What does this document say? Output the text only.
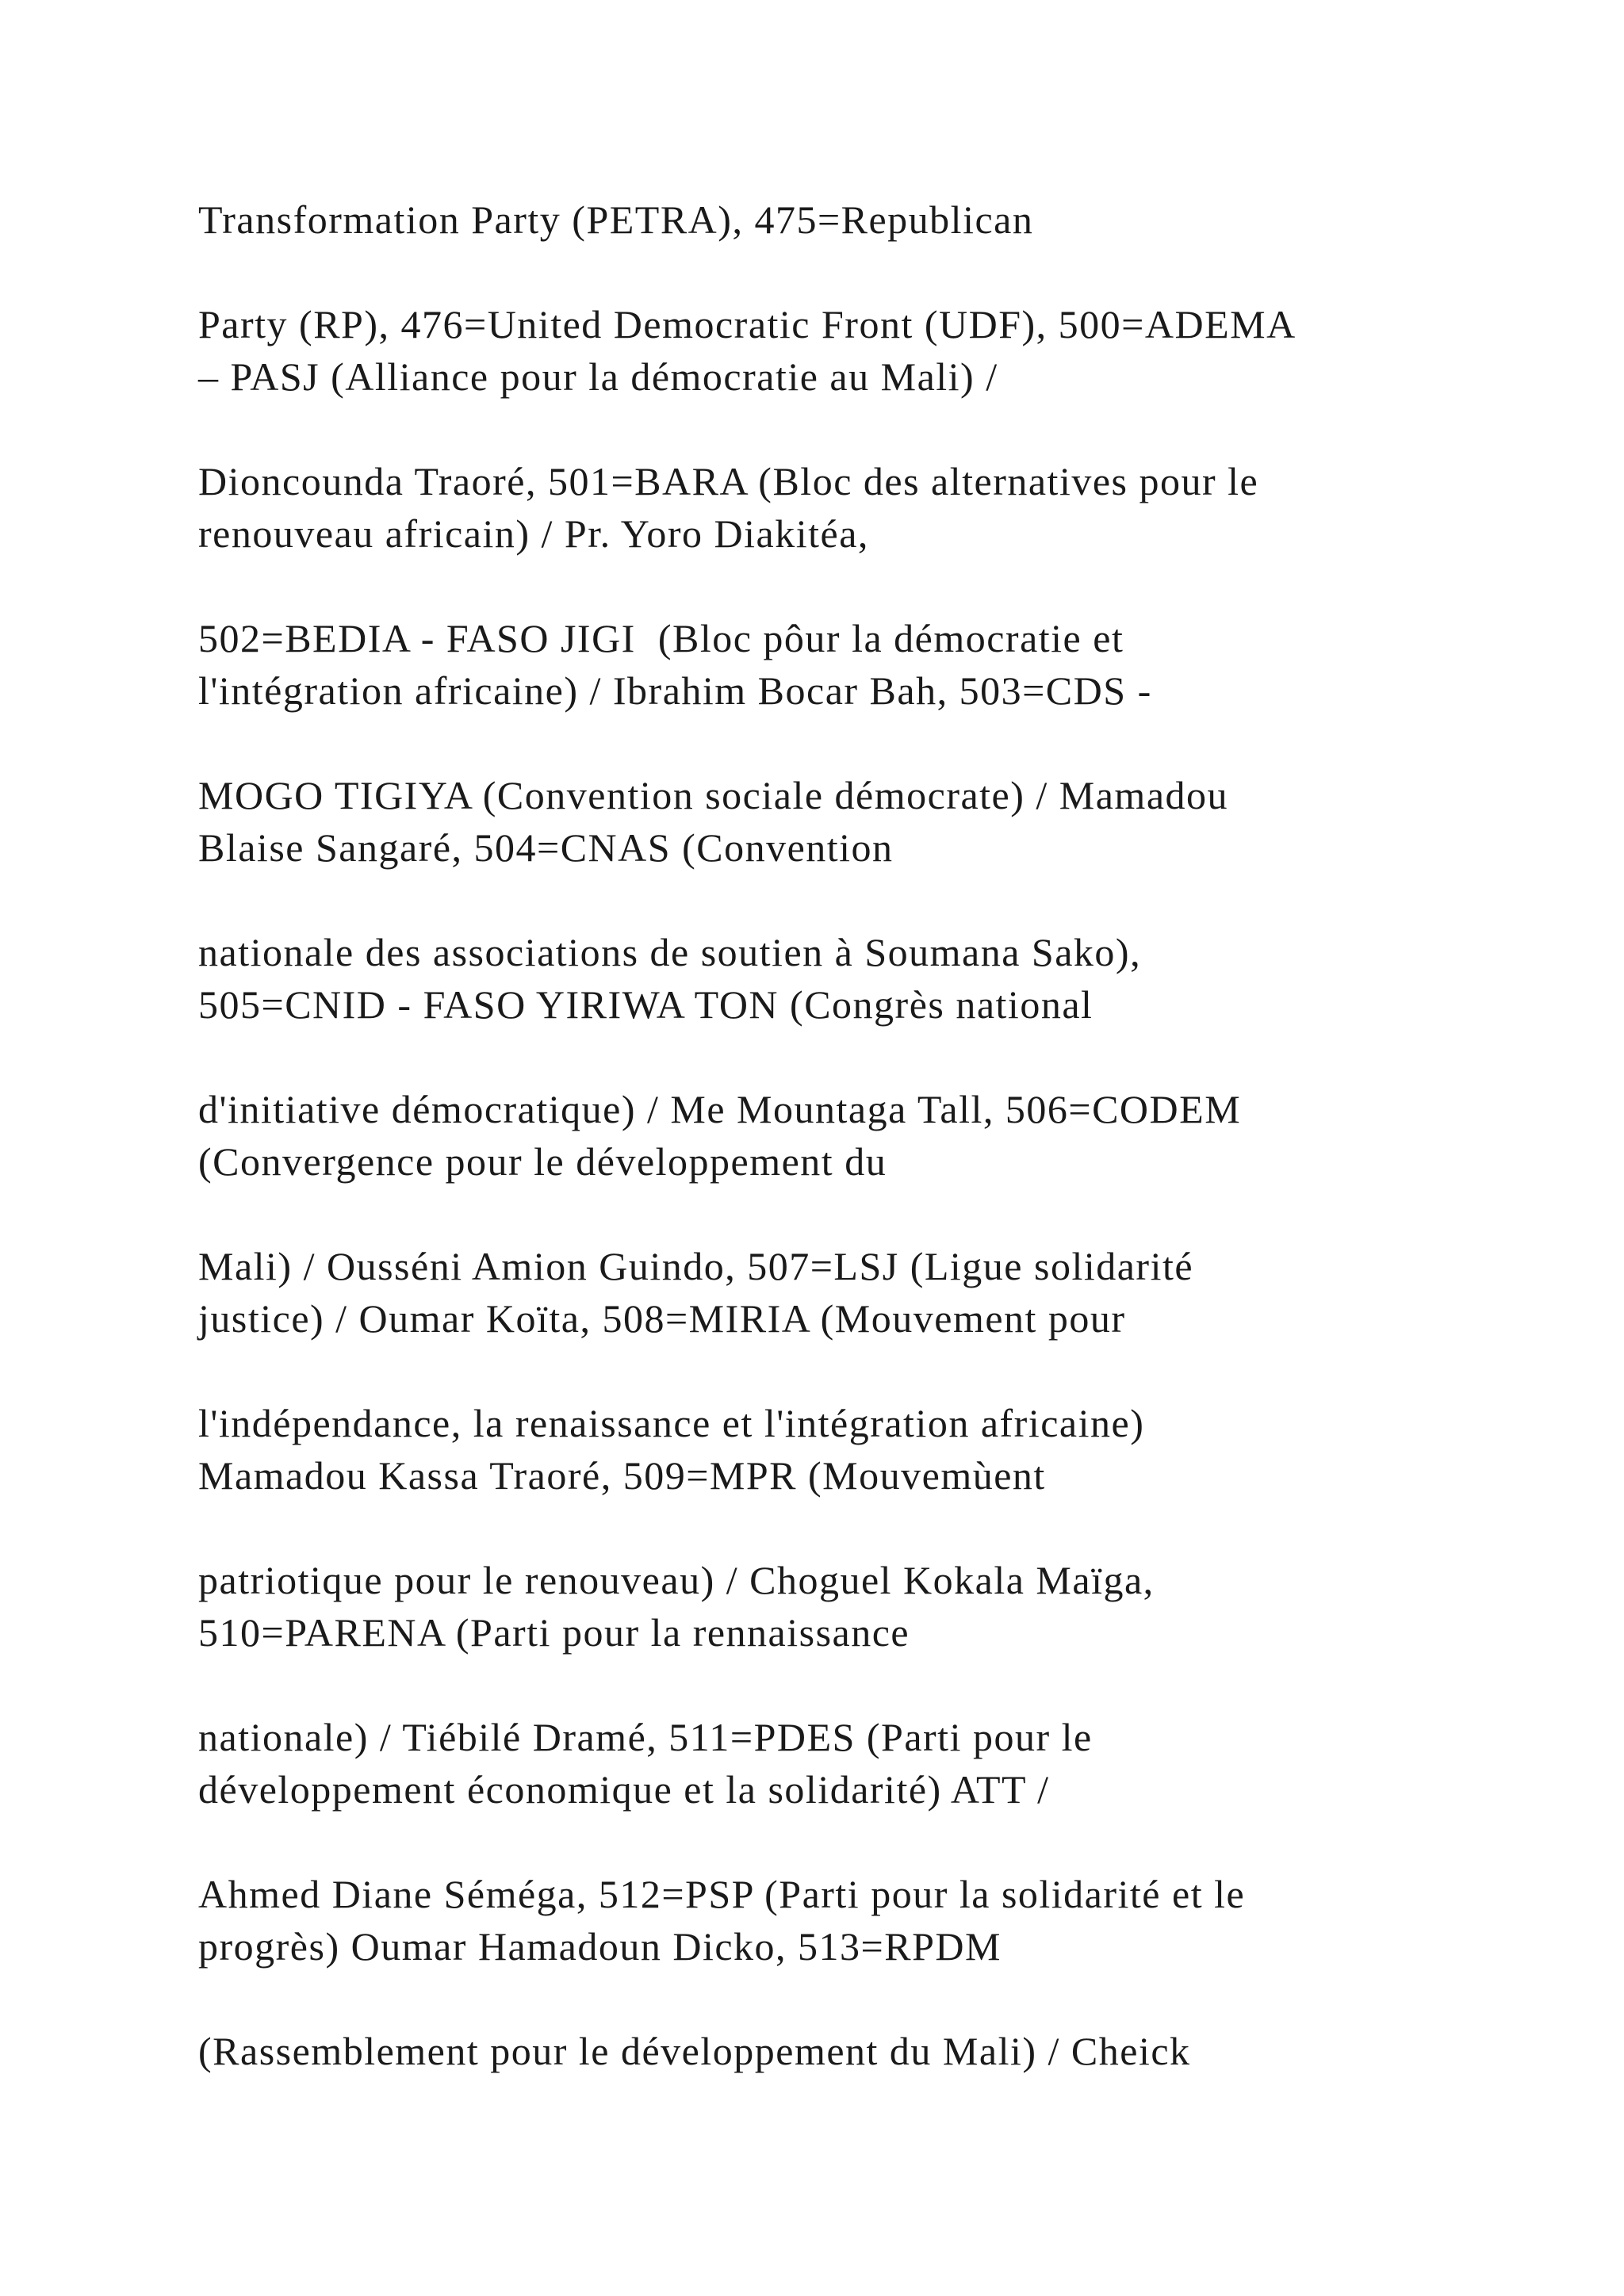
Transformation Party (PETRA), 475=Republican

Party (RP), 476=United Democratic Front (UDF), 500=ADEMA
– PASJ (Alliance pour la démocratie au Mali) /

Dioncounda Traoré, 501=BARA (Bloc des alternatives pour le
renouveau africain) / Pr. Yoro Diakitéa,

502=BEDIA - FASO JIGI  (Bloc pôur la démocratie et
l'intégration africaine) / Ibrahim Bocar Bah, 503=CDS -

MOGO TIGIYA (Convention sociale démocrate) / Mamadou
Blaise Sangaré, 504=CNAS (Convention

nationale des associations de soutien à Soumana Sako),
505=CNID - FASO YIRIWA TON (Congrès national

d'initiative démocratique) / Me Mountaga Tall, 506=CODEM
(Convergence pour le développement du

Mali) / Ousséni Amion Guindo, 507=LSJ (Ligue solidarité
justice) / Oumar Koïta, 508=MIRIA (Mouvement pour

l'indépendance, la renaissance et l'intégration africaine)
Mamadou Kassa Traoré, 509=MPR (Mouvemùent

patriotique pour le renouveau) / Choguel Kokala Maïga,
510=PARENA (Parti pour la rennaissance

nationale) / Tiébilé Dramé, 511=PDES (Parti pour le
développement économique et la solidarité) ATT /

Ahmed Diane Séméga, 512=PSP (Parti pour la solidarité et le
progrès) Oumar Hamadoun Dicko, 513=RPDM

(Rassemblement pour le développement du Mali) / Cheick
